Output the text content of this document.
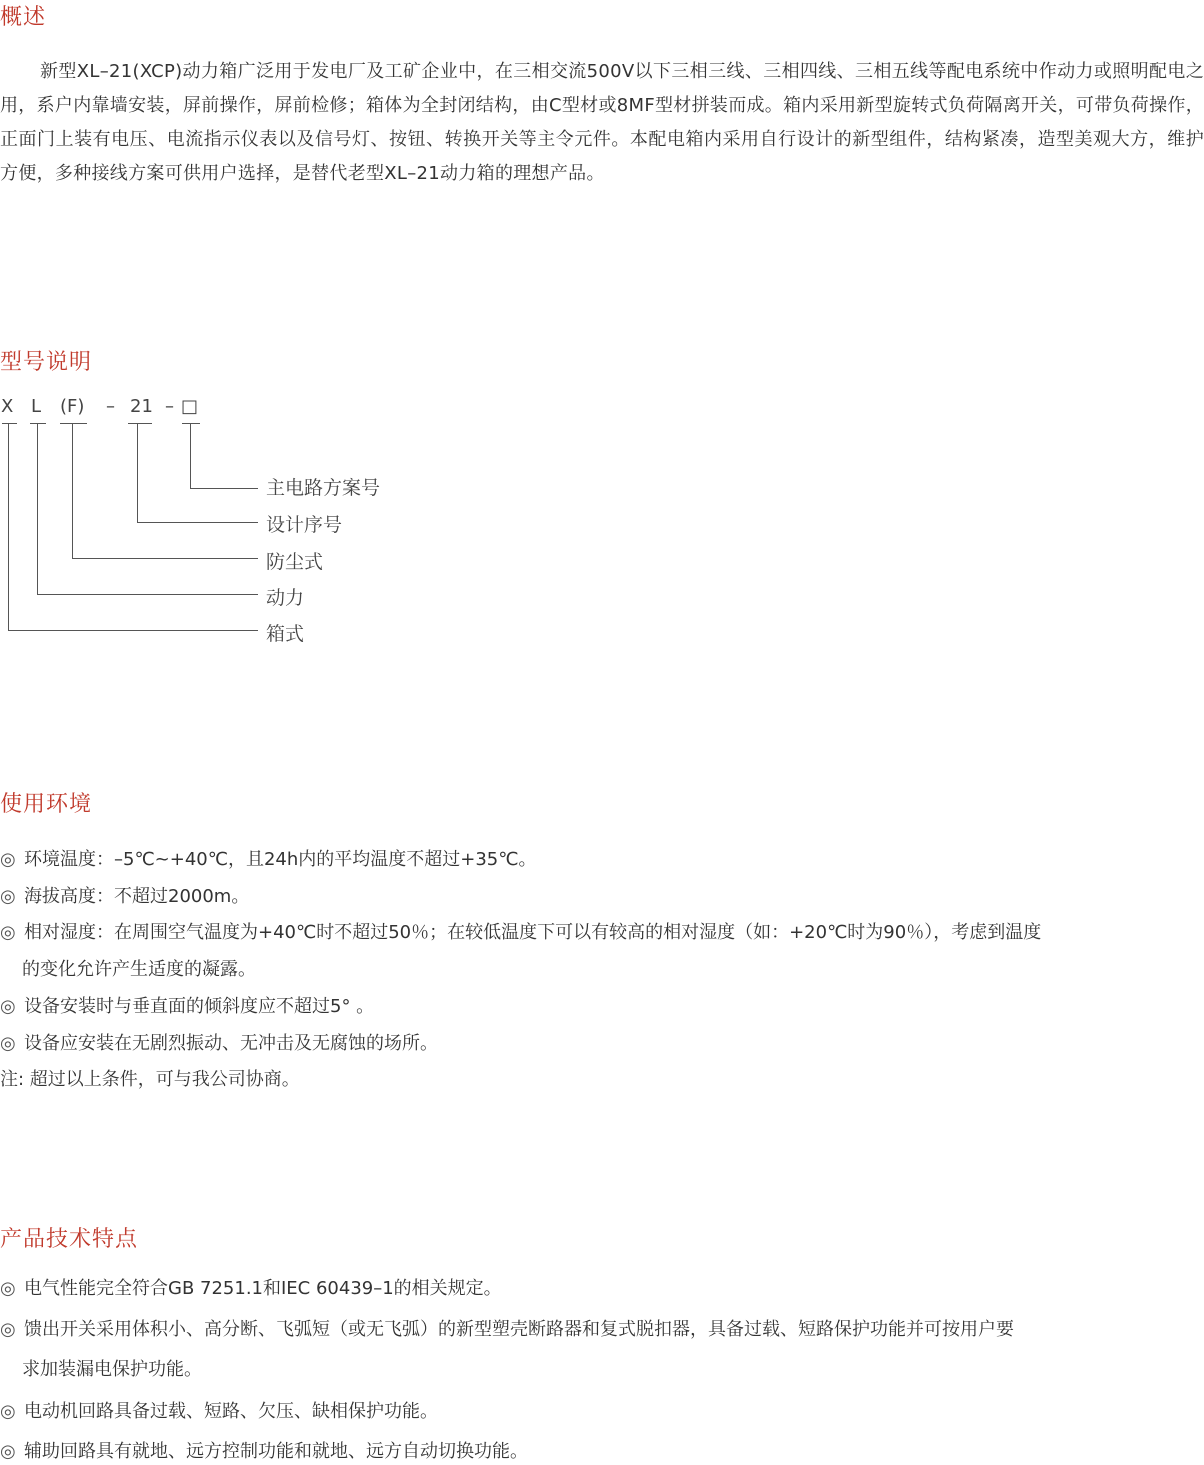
概述

新型XL–21(XCP)动力箱广泛用于发电厂及工矿企业中，在三相交流500V以下三相三线、三相四线、三相五线等配电系统中作动力或照明配电之用，系户内靠墙安装，屏前操作，屏前检修；箱体为全封闭结构，由C型材或8MF型材拼装而成。箱内采用新型旋转式负荷隔离开关，可带负荷操作，正面门上装有电压、电流指示仪表以及信号灯、按钮、转换开关等主令元件。本配电箱内采用自行设计的新型组件，结构紧凑，造型美观大方，维护方便，多种接线方案可供用户选择，是替代老型XL–21动力箱的理想产品。

型号说明
X L (F) – 21 – □
主电路方案号
设计序号
防尘式
动力
箱式
使用环境
◎ 环境温度：–5℃~+40℃，且24h内的平均温度不超过+35℃。
◎ 海拔高度：不超过2000m。
◎ 相对湿度：在周围空气温度为+40℃时不超过50％；在较低温度下可以有较高的相对湿度（如：+20℃时为90％），考虑到温度
的变化允许产生适度的凝露。
◎ 设备安装时与垂直面的倾斜度应不超过5° 。
◎ 设备应安装在无剧烈振动、无冲击及无腐蚀的场所。
注: 超过以上条件，可与我公司协商。
产品技术特点
◎ 电气性能完全符合GB 7251.1和IEC 60439–1的相关规定。
◎ 馈出开关采用体积小、高分断、飞弧短（或无飞弧）的新型塑壳断路器和复式脱扣器，具备过载、短路保护功能并可按用户要
求加装漏电保护功能。
◎ 电动机回路具备过载、短路、欠压、缺相保护功能。
◎ 辅助回路具有就地、远方控制功能和就地、远方自动切换功能。
